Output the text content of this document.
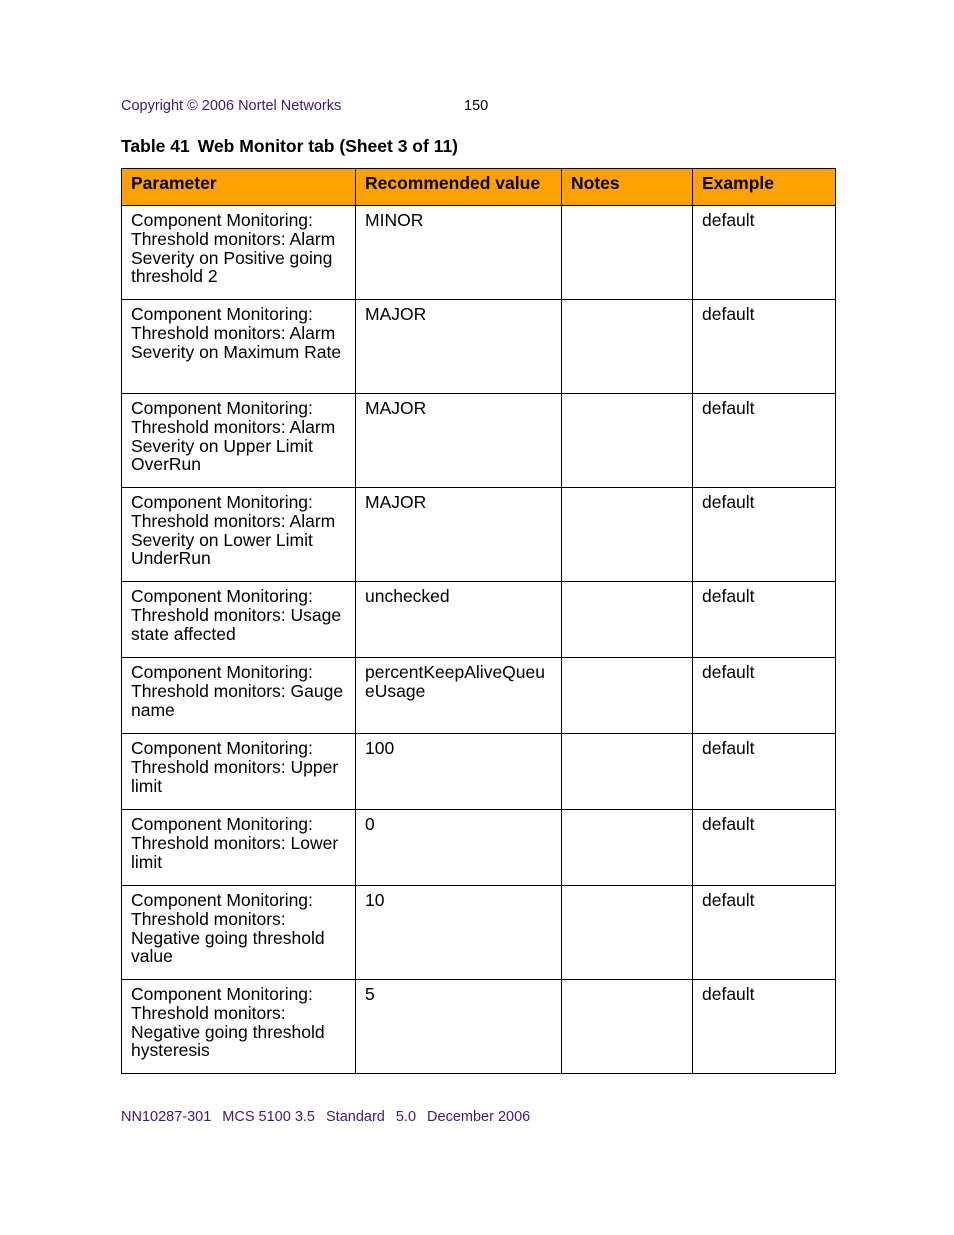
Copyright © 2006 Nortel Networks	150
Table 41 Web Monitor tab (Sheet 3 of 11)
Parameter	Recommended value	Notes	Example
Component Monitoring: Threshold monitors: Alarm Severity on Positive going threshold 2	MINOR		default
Component Monitoring: Threshold monitors: Alarm Severity on Maximum Rate	MAJOR		default
Component Monitoring: Threshold monitors: Alarm Severity on Upper Limit OverRun	MAJOR		default
Component Monitoring: Threshold monitors: Alarm Severity on Lower Limit UnderRun	MAJOR		default
Component Monitoring: Threshold monitors: Usage state affected	unchecked		default
Component Monitoring: Threshold monitors: Gauge name	percentKeepAliveQueueUsage		default
Component Monitoring: Threshold monitors: Upper limit	100		default
Component Monitoring: Threshold monitors: Lower limit	0		default
Component Monitoring: Threshold monitors: Negative going threshold value	10		default
Component Monitoring: Threshold monitors: Negative going threshold hysteresis	5		default
NN10287-301 MCS 5100 3.5 Standard 5.0 December 2006
